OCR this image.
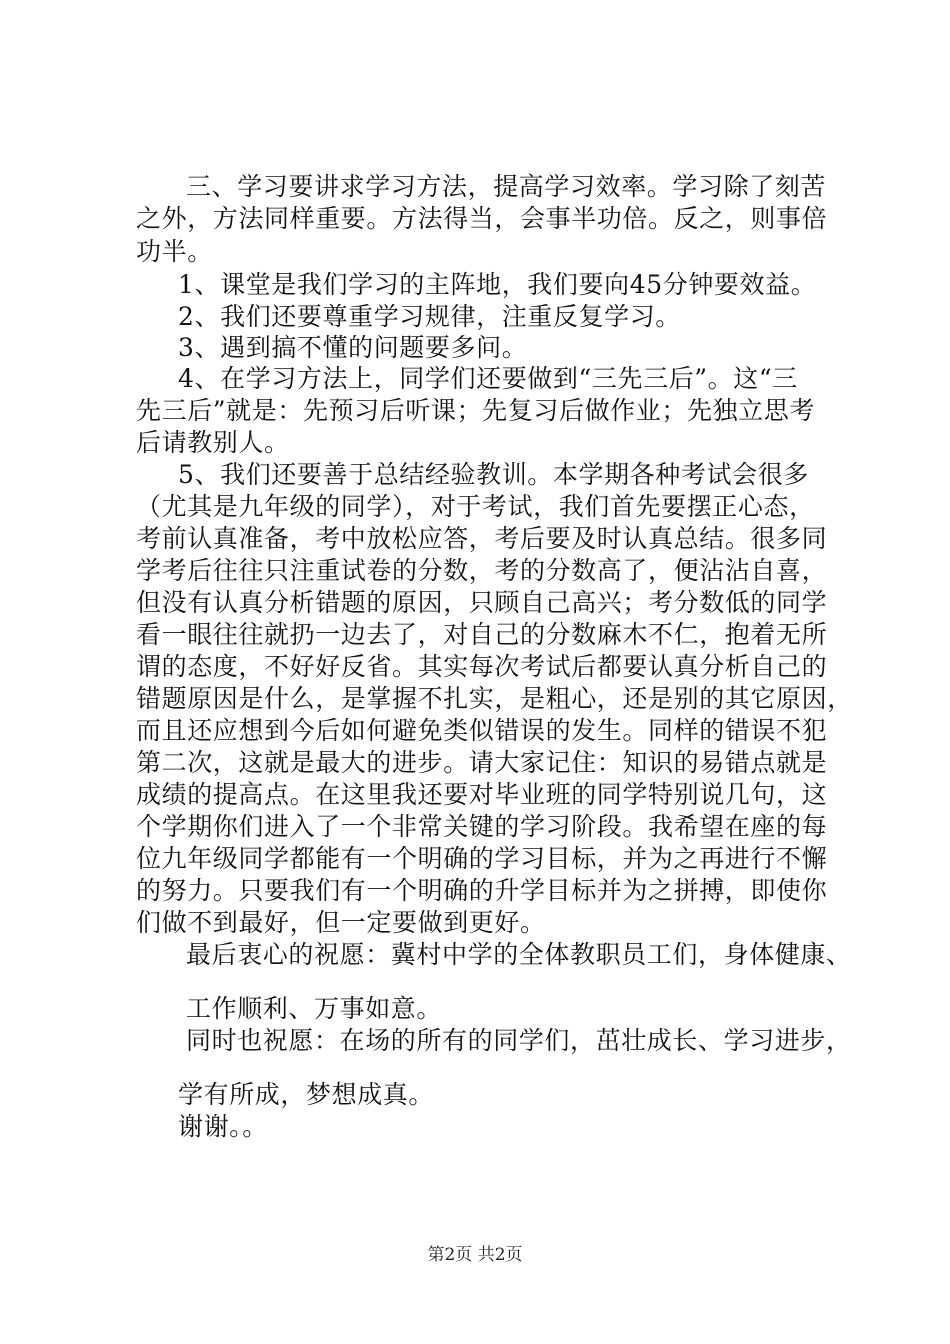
三、学习要讲求学习方法，提高学习效率。学习除了刻苦
之外，方法同样重要。方法得当，会事半功倍。反之，则事倍
功半。
1、课堂是我们学习的主阵地，我们要向45分钟要效益。
2、我们还要尊重学习规律，注重反复学习。
3、遇到搞不懂的问题要多问。
4、在学习方法上，同学们还要做到“三先三后”。这“三
先三后”就是：先预习后听课；先复习后做作业；先独立思考
后请教别人。
5、我们还要善于总结经验教训。本学期各种考试会很多
（尤其是九年级的同学），对于考试，我们首先要摆正心态，
考前认真准备，考中放松应答，考后要及时认真总结。很多同
学考后往往只注重试卷的分数，考的分数高了，便沾沾自喜，
但没有认真分析错题的原因，只顾自己高兴；考分数低的同学
看一眼往往就扔一边去了，对自己的分数麻木不仁，抱着无所
谓的态度，不好好反省。其实每次考试后都要认真分析自己的
错题原因是什么，是掌握不扎实，是粗心，还是别的其它原因，
而且还应想到今后如何避免类似错误的发生。同样的错误不犯
第二次，这就是最大的进步。请大家记住：知识的易错点就是
成绩的提高点。在这里我还要对毕业班的同学特别说几句，这
个学期你们进入了一个非常关键的学习阶段。我希望在座的每
位九年级同学都能有一个明确的学习目标，并为之再进行不懈
的努力。只要我们有一个明确的升学目标并为之拼搏，即使你
们做不到最好，但一定要做到更好。
最后衷心的祝愿：冀村中学的全体教职员工们，身体健康、
工作顺利、万事如意。
同时也祝愿：在场的所有的同学们，茁壮成长、学习进步，
学有所成，梦想成真。
谢谢。。
第2页 共2页
